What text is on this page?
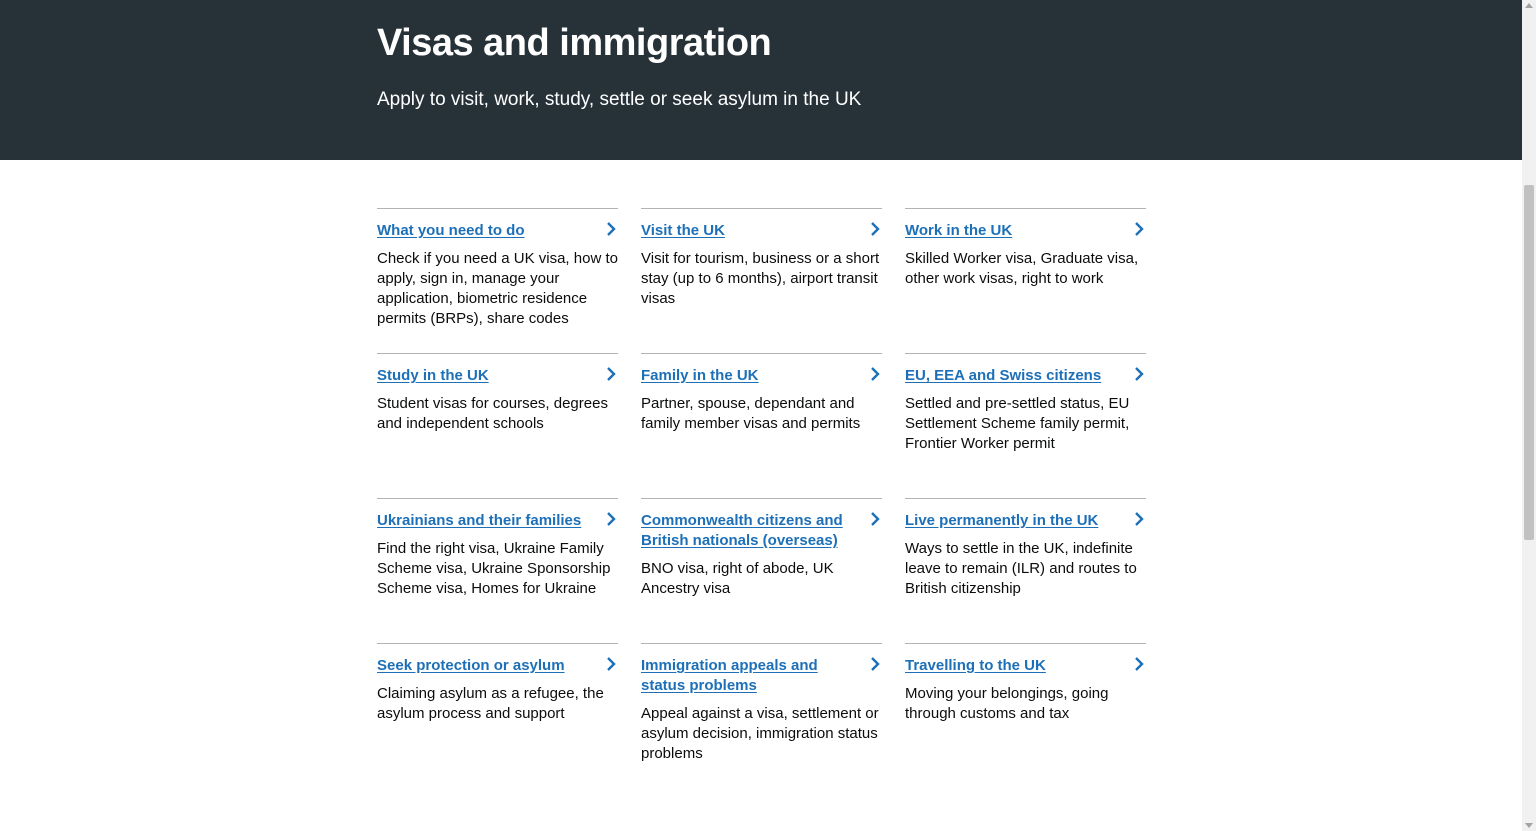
Visas and immigration

Apply to visit, work, study, settle or seek asylum in the UK

What you need to do

Check if you need a UK visa, how to apply, sign in, manage your application, biometric residence permits (BRPs), share codes

Visit the UK

Visit for tourism, business or a short stay (up to 6 months), airport transit visas

Work in the UK

Skilled Worker visa, Graduate visa, other work visas, right to work

Study in the UK

Student visas for courses, degrees and independent schools

Family in the UK

Partner, spouse, dependant and family member visas and permits

EU, EEA and Swiss citizens

Settled and pre-settled status, EU Settlement Scheme family permit, Frontier Worker permit

Ukrainians and their families

Find the right visa, Ukraine Family Scheme visa, Ukraine Sponsorship Scheme visa, Homes for Ukraine

Commonwealth citizens and British nationals (overseas)

BNO visa, right of abode, UK Ancestry visa

Live permanently in the UK

Ways to settle in the UK, indefinite leave to remain (ILR) and routes to British citizenship

Seek protection or asylum

Claiming asylum as a refugee, the asylum process and support

Immigration appeals and status problems

Appeal against a visa, settlement or asylum decision, immigration status problems

Travelling to the UK

Moving your belongings, going through customs and tax
